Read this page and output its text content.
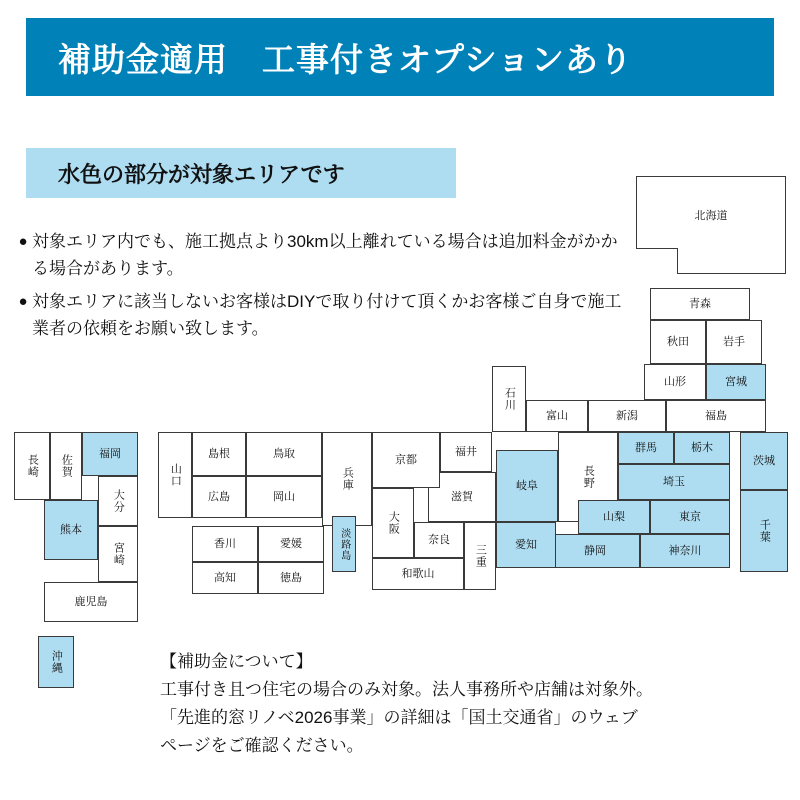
補助金適用　工事付きオプションあり
水色の部分が対象エリアです
● 対象エリア内でも、施工拠点より30km以上離れている場合は追加料金がかかる場合があります。
● 対象エリアに該当しないお客様はDIYで取り付けて頂くかお客様ご自身で施工業者の依頼をお願い致します。
北海道
青森
秋田	岩手
山形	宮城
福島
新潟
富山
石川
福井	群馬	栃木
茨城
長野
岐阜	埼玉
山梨	東京
千葉
静岡	神奈川
愛知
三重
滋賀
京都
大阪
奈良
和歌山
兵庫
鳥取
島根
岡山
広島
山口
香川	愛媛
高知	徳島
淡路島
長崎 佐賀
福岡
大分
熊本
宮崎
鹿児島
沖縄	【補助金について】
工事付き且つ住宅の場合のみ対象。法人事務所や店舗は対象外。
「先進的窓リノベ2026事業」の詳細は「国土交通省」のウェブ
ページをご確認ください。
